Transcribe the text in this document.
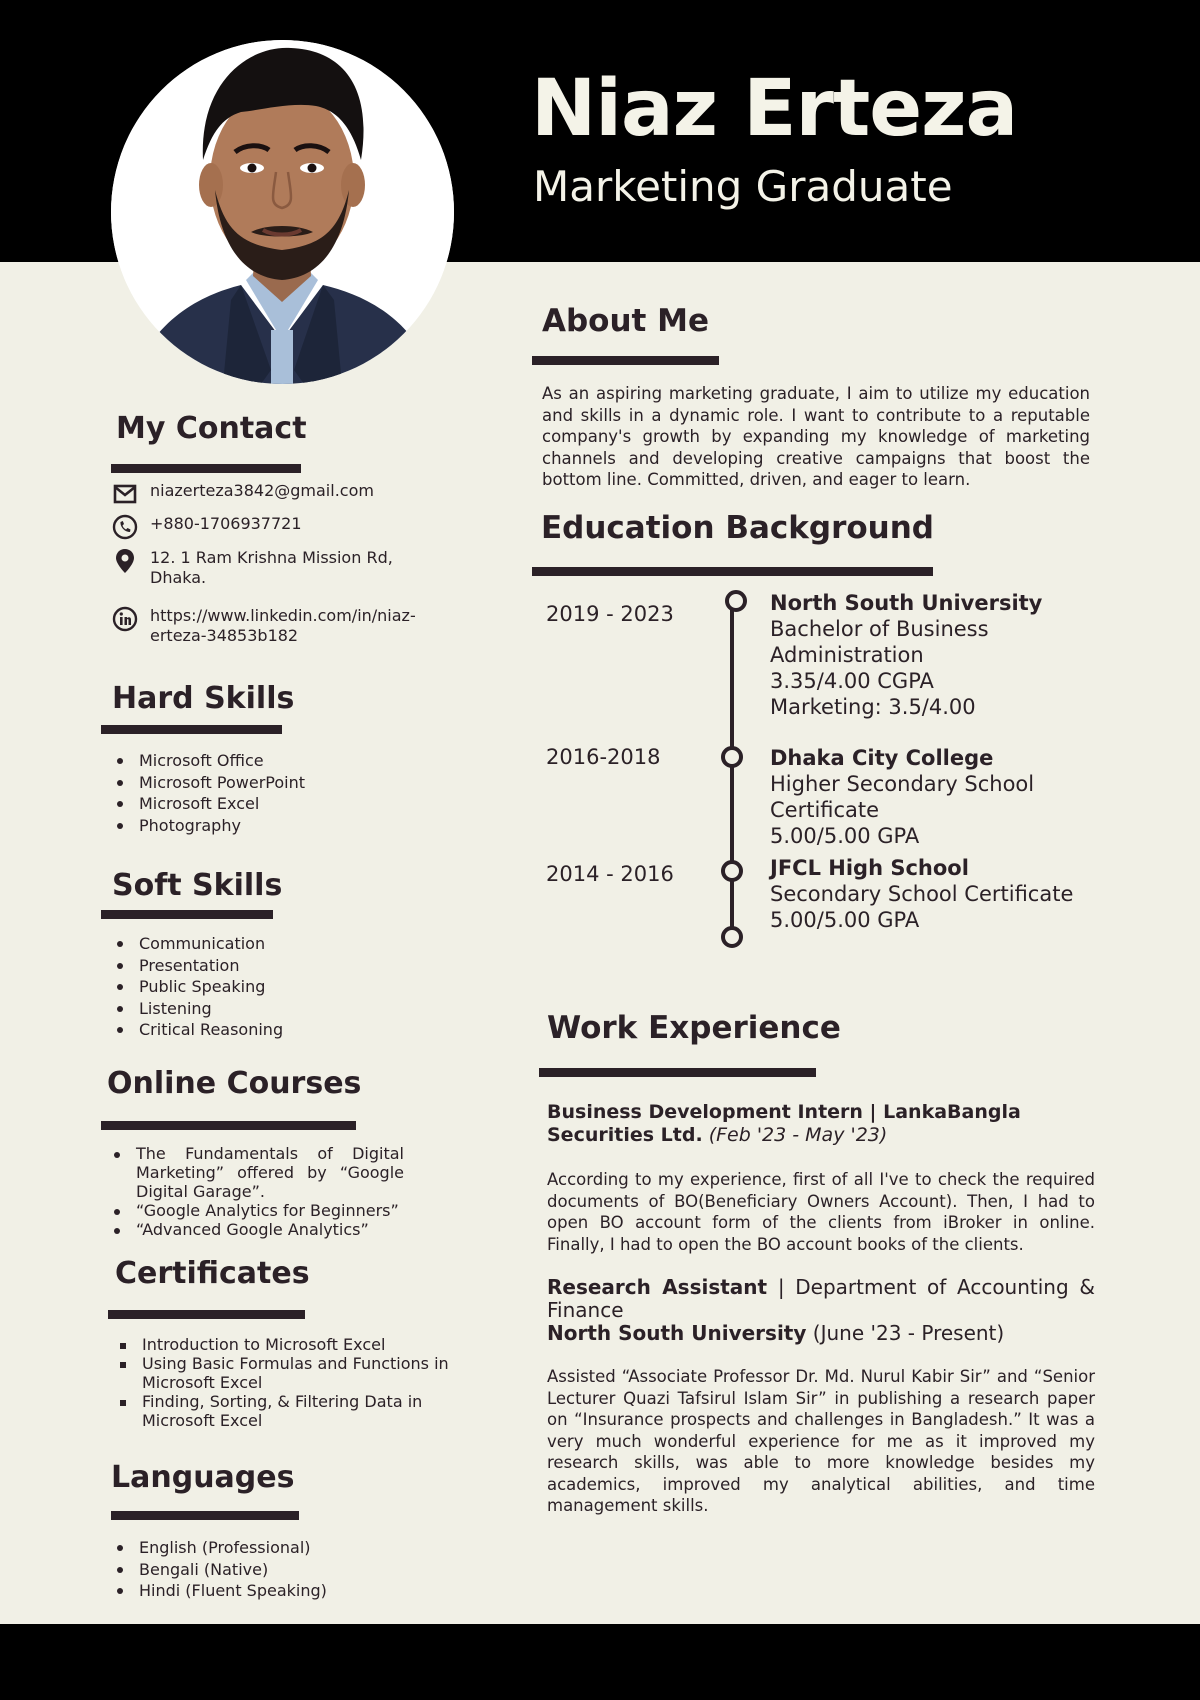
Niaz Erteza
Marketing Graduate
My Contact
niazerteza3842@gmail.com
+880-1706937721
12. 1 Ram Krishna Mission Rd, Dhaka.
https://www.linkedin.com/in/niaz-erteza-34853b182
Hard Skills
Microsoft Office
Microsoft PowerPoint
Microsoft Excel
Photography
Soft Skills
Communication
Presentation
Public Speaking
Listening
Critical Reasoning
Online Courses
The Fundamentals of Digital Marketing” offered by “Google Digital Garage”.
“Google Analytics for Beginners”
“Advanced Google Analytics”
Certificates
Introduction to Microsoft Excel
Using Basic Formulas and Functions in Microsoft Excel
Finding, Sorting, & Filtering Data in Microsoft Excel
Languages
English (Professional)
Bengali (Native)
Hindi (Fluent Speaking)
About Me

As an aspiring marketing graduate, I aim to utilize my education and skills in a dynamic role. I want to contribute to a reputable company's growth by expanding my knowledge of marketing channels and developing creative campaigns that boost the bottom line. Committed, driven, and eager to learn.

Education Background
2019 - 2023	North South University
Bachelor of Business
Administration
3.35/4.00 CGPA
Marketing: 3.5/4.00
2016-2018	Dhaka City College
Higher Secondary School
Certificate
5.00/5.00 GPA
2014 - 2016	JFCL High School
Secondary School Certificate
5.00/5.00 GPA
Work Experience
Business Development Intern | LankaBangla Securities Ltd. (Feb '23 - May '23)

According to my experience, first of all I've to check the required documents of BO(Beneficiary Owners Account). Then, I had to open BO account form of the clients from iBroker in online. Finally, I had to open the BO account books of the clients.

Research Assistant | Department of Accounting & Finance
North South University (June '23 - Present)

Assisted “Associate Professor Dr. Md. Nurul Kabir Sir” and “Senior Lecturer Quazi Tafsirul Islam Sir” in publishing a research paper on “Insurance prospects and challenges in Bangladesh.” It was a very much wonderful experience for me as it improved my research skills, was able to more knowledge besides my academics, improved my analytical abilities, and time management skills.
